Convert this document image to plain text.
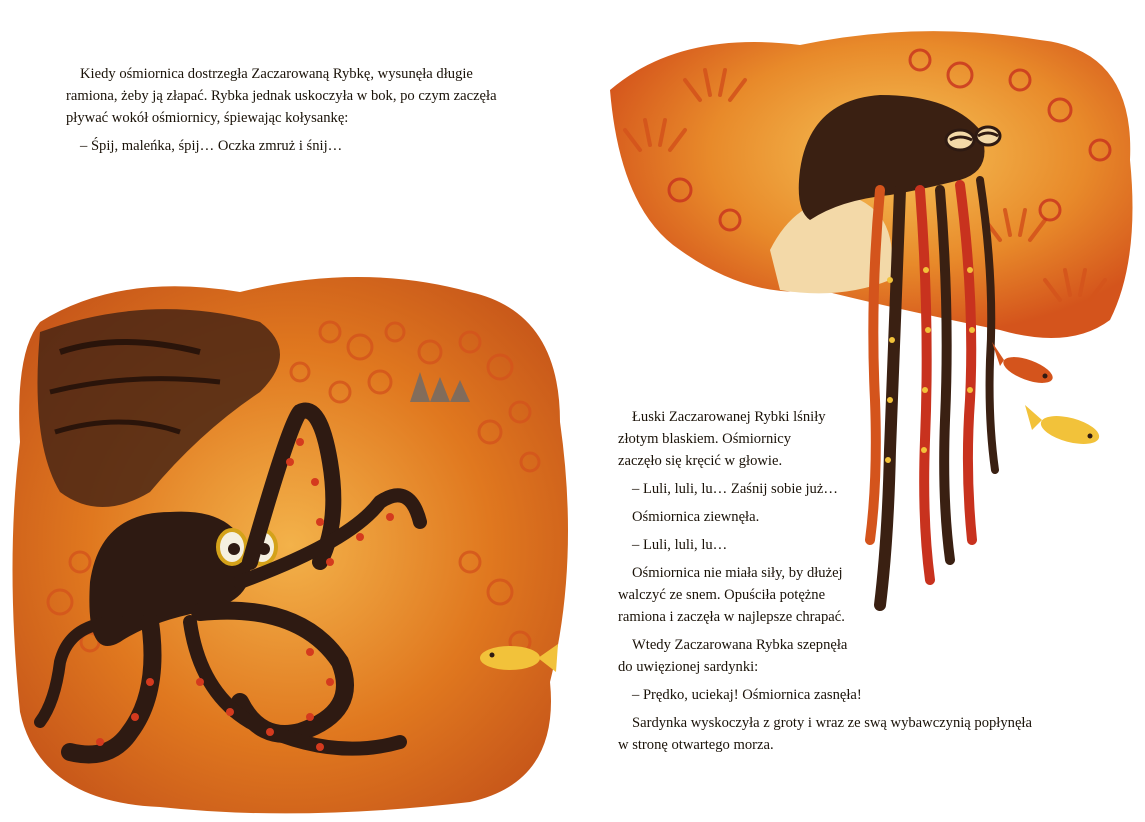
Kiedy ośmiornica dostrzegła Zaczarowaną Rybkę, wysunęła długie
ramiona, żeby ją złapać. Rybka jednak uskoczyła w bok, po czym zaczęła
pływać wokół ośmiornicy, śpiewając kołysankę:

– Śpij, maleńka, śpij… Oczka zmruż i śnij…

Łuski Zaczarowanej Rybki lśniły
złotym blaskiem. Ośmiornicy
zaczęło się kręcić w głowie.

– Luli, luli, lu… Zaśnij sobie już…

Ośmiornica ziewnęła.

– Luli, luli, lu…

Ośmiornica nie miała siły, by dłużej
walczyć ze snem. Opuściła potężne
ramiona i zaczęła w najlepsze chrapać.

Wtedy Zaczarowana Rybka szepnęła
do uwięzionej sardynki:

– Prędko, uciekaj! Ośmiornica zasnęła!

Sardynka wyskoczyła z groty i wraz ze swą wybawczynią popłynęła
w stronę otwartego morza.
